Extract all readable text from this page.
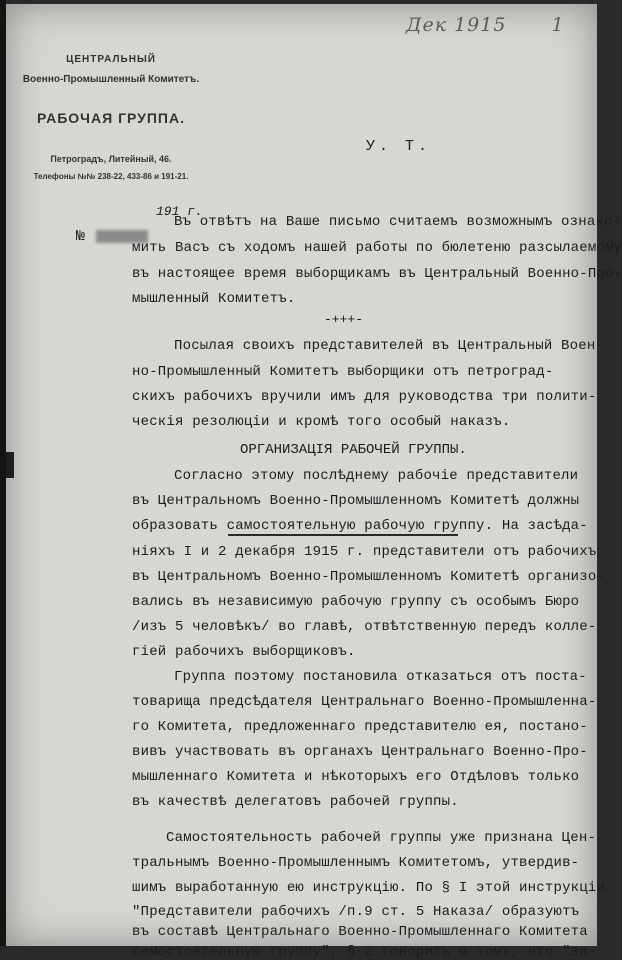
Дек 1915 1
ЦЕНТРАЛЬНЫЙ
Военно-Промышленный Комитетъ.
РАБОЧАЯ ГРУППА.
Петроградъ, Литейный, 46.
Телефоны №№ 238-22, 433-86 и 191-21.
У. Т.
191 г.
№
Въ отвѣтъ на Ваше письмо считаемъ возможнымъ ознако-
мить Васъ съ ходомъ нашей работы по бюлетеню разсылаемому
въ настоящее время выборщикамъ въ Центральный Военно-Про-
мышленный Комитетъ.
-+++-
Посылая своихъ представителей въ Центральный Воен-
но-Промышленный Комитетъ выборщики отъ петроград-
скихъ рабочихъ вручили имъ для руководства три полити-
ческія резолюціи и кромѣ того особый наказъ.
ОРГАНИЗАЦІЯ РАБОЧЕЙ ГРУППЫ.
Согласно этому послѣднему рабочіе представители
въ Центральномъ Военно-Промышленномъ Комитетѣ должны
образовать самостоятельную рабочую группу. На засѣда-
ніяхъ I и 2 декабря 1915 г. представители отъ рабочихъ
въ Центральномъ Военно-Промышленномъ Комитетѣ организо-
вались въ независимую рабочую группу съ особымъ Бюро
/изъ 5 человѣкъ/ во главѣ, отвѣтственную передъ колле-
гіей рабочихъ выборщиковъ.
Группа поэтому постановила отказаться отъ поста-
товарища предсѣдателя Центральнаго Военно-Промышленна-
го Комитета, предложеннаго представителю ея, постано-
вивъ участвовать въ органахъ Центральнаго Военно-Про-
мышленнаго Комитета и нѣкоторыхъ его Отдѣловъ только
въ качествѣ делегатовъ рабочей группы.
Самостоятельность рабочей группы уже признана Цен-
тральнымъ Военно-Промышленнымъ Комитетомъ, утвердив-
шимъ выработанную ею инструкцію. По § I этой инструкціи
"Представители рабочихъ /п.9 ст. 5 Наказа/ образуютъ
въ составѣ Центральнаго Военно-Промышленнаго Комитета
самостоятельную группу", § 2 говоритъ о томъ, что "за-
